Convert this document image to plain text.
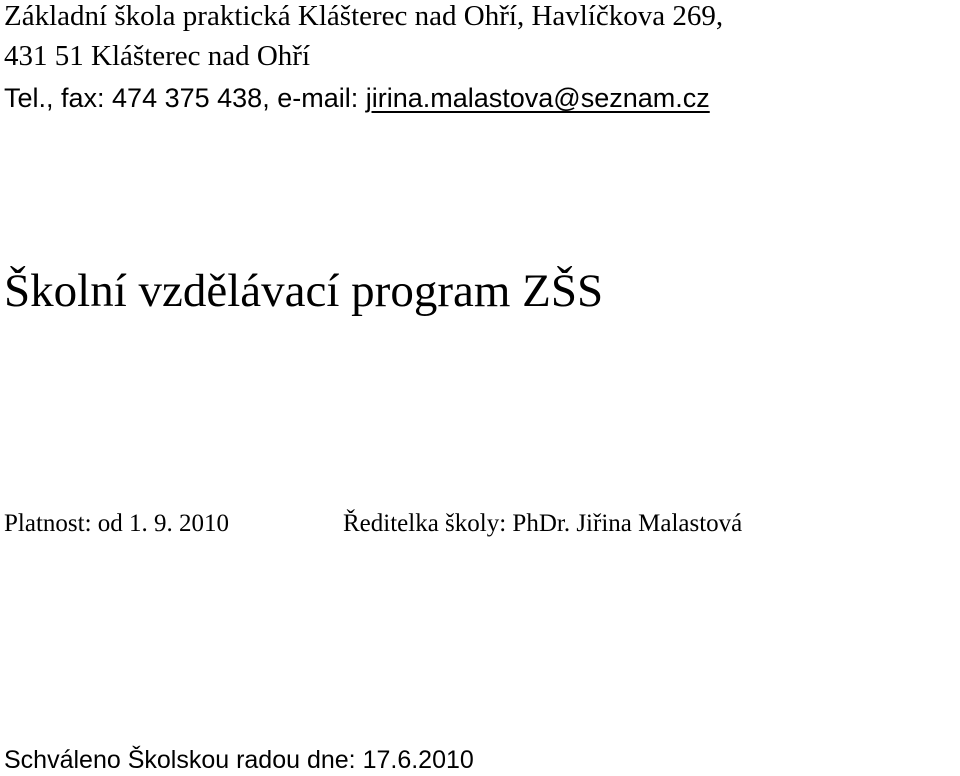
Základní škola praktická Klášterec nad Ohří, Havlíčkova 269,
431 51 Klášterec nad Ohří
Tel., fax: 474 375 438, e-mail: jirina.malastova@seznam.cz
Školní vzdělávací program ZŠS
Platnost: od 1. 9. 2010	Ředitelka školy: PhDr. Jiřina Malastová
Schváleno Školskou radou dne: 17.6.2010
